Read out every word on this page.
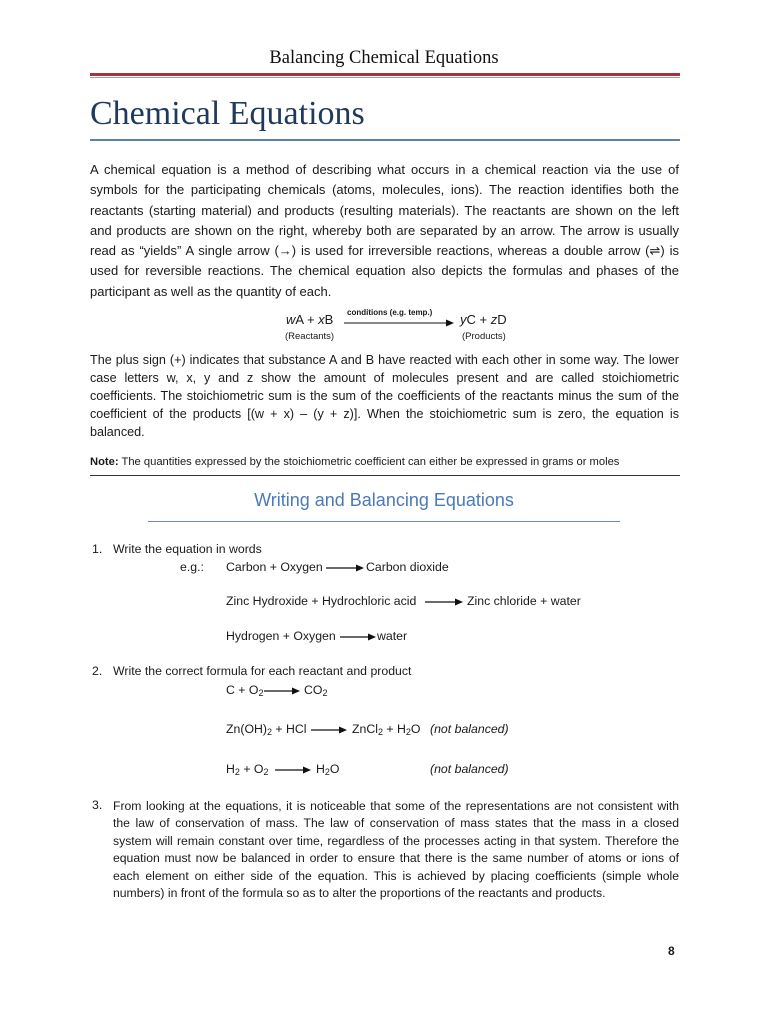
Balancing Chemical Equations
Chemical Equations

A chemical equation is a method of describing what occurs in a chemical reaction via the use of symbols for the participating chemicals (atoms, molecules, ions). The reaction identifies both the reactants (starting material) and products (resulting materials). The reactants are shown on the left and products are shown on the right, whereby both are separated by an arrow. The arrow is usually read as “yields” A single arrow (→) is used for irreversible reactions, whereas a double arrow (⇌) is used for reversible reactions. The chemical equation also depicts the formulas and phases of the participant as well as the quantity of each.

wA + xB conditions (e.g. temp.) yC + zD
(Reactants)	(Products)

The plus sign (+) indicates that substance A and B have reacted with each other in some way. The lower case letters w, x, y and z show the amount of molecules present and are called stoichiometric coefficients. The stoichiometric sum is the sum of the coefficients of the reactants minus the sum of the coefficient of the products [(w + x) – (y + z)]. When the stoichiometric sum is zero, the equation is balanced.

Note: The quantities expressed by the stoichiometric coefficient can either be expressed in grams or moles

Writing and Balancing Equations
1. Write the equation in words
e.g.: Carbon + Oxygen	Carbon dioxide
Zinc Hydroxide + Hydrochloric acid	Zinc chloride + water
Hydrogen + Oxygen	water
2. Write the correct formula for each reactant and product
$C + O_2$	$CO_2$
$Zn(OH)_2$ + HCl	ZnCl$_2$ + $H_2O$ (not balanced)
$H_2 + O_2$	$H_2O$	(not balanced)
3. From looking at the equations, it is noticeable that some of the representations are not consistent with the law of conservation of mass. The law of conservation of mass states that the mass in a closed system will remain constant over time, regardless of the processes acting in that system. Therefore the equation must now be balanced in order to ensure that there is the same number of atoms or ions of each element on either side of the equation. This is achieved by placing coefficients (simple whole numbers) in front of the formula so as to alter the proportions of the reactants and products.

8
